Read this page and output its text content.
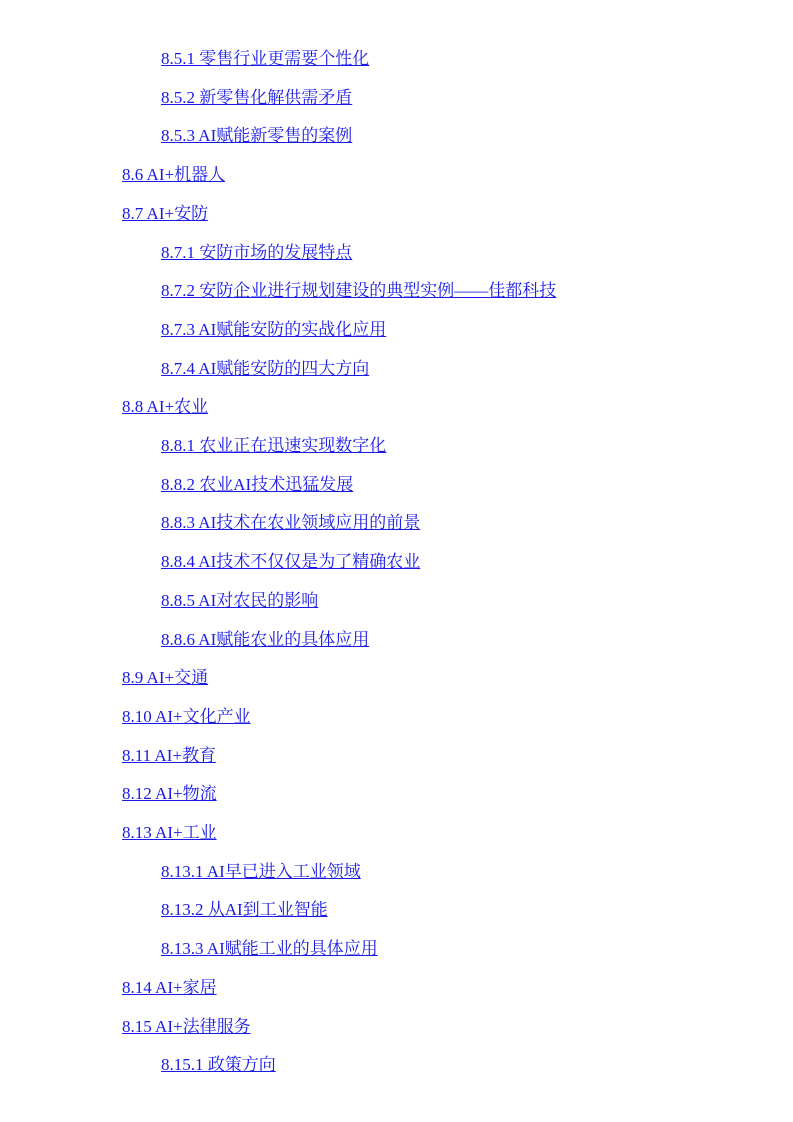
8.5.1 零售行业更需要个性化
8.5.2 新零售化解供需矛盾
8.5.3 AI赋能新零售的案例
8.6 AI+机器人
8.7 AI+安防
8.7.1 安防市场的发展特点
8.7.2 安防企业进行规划建设的典型实例——佳都科技
8.7.3 AI赋能安防的实战化应用
8.7.4 AI赋能安防的四大方向
8.8 AI+农业
8.8.1 农业正在迅速实现数字化
8.8.2 农业AI技术迅猛发展
8.8.3 AI技术在农业领域应用的前景
8.8.4 AI技术不仅仅是为了精确农业
8.8.5 AI对农民的影响
8.8.6 AI赋能农业的具体应用
8.9 AI+交通
8.10 AI+文化产业
8.11 AI+教育
8.12 AI+物流
8.13 AI+工业
8.13.1 AI早已进入工业领域
8.13.2 从AI到工业智能
8.13.3 AI赋能工业的具体应用
8.14 AI+家居
8.15 AI+法律服务
8.15.1 政策方向
